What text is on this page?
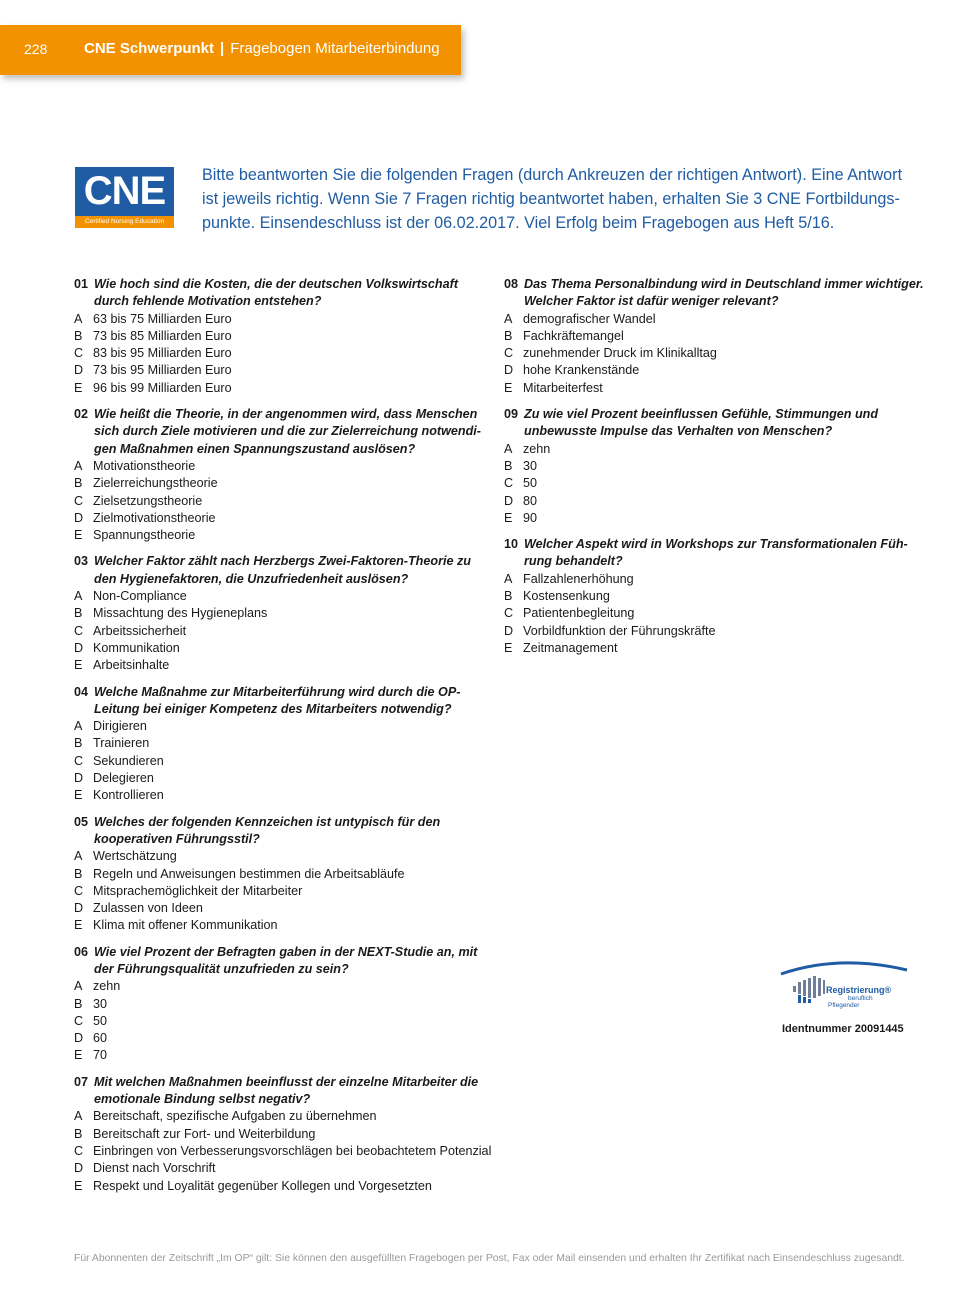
228 CNE Schwerpunkt | Fragebogen Mitarbeiterbindung
CNE
Certified Nursing Education
Bitte beantworten Sie die folgenden Fragen (durch Ankreuzen der richtigen Antwort). Eine Antwort ist jeweils richtig. Wenn Sie 7 Fragen richtig beantwortet haben, erhalten Sie 3 CNE Fortbildungspunkte. Einsendeschluss ist der 06.02.2017. Viel Erfolg beim Fragebogen aus Heft 5/16.
01 Wie hoch sind die Kosten, die der deutschen Volkswirtschaft durch fehlende Motivation entstehen?
A 63 bis 75 Milliarden Euro
B 73 bis 85 Milliarden Euro
C 83 bis 95 Milliarden Euro
D 73 bis 95 Milliarden Euro
E 96 bis 99 Milliarden Euro
02 Wie heißt die Theorie, in der angenommen wird, dass Menschen sich durch Ziele motivieren und die zur Zielerreichung notwendigen Maßnahmen einen Spannungszustand auslösen?
A Motivationstheorie
B Zielerreichungstheorie
C Zielsetzungstheorie
D Zielmotivationstheorie
E Spannungstheorie
03 Welcher Faktor zählt nach Herzbergs Zwei-Faktoren-Theorie zu den Hygienefaktoren, die Unzufriedenheit auslösen?
A Non-Compliance
B Missachtung des Hygieneplans
C Arbeitssicherheit
D Kommunikation
E Arbeitsinhalte
04 Welche Maßnahme zur Mitarbeiterführung wird durch die OP-Leitung bei einiger Kompetenz des Mitarbeiters notwendig?
A Dirigieren
B Trainieren
C Sekundieren
D Delegieren
E Kontrollieren
05 Welches der folgenden Kennzeichen ist untypisch für den kooperativen Führungsstil?
A Wertschätzung
B Regeln und Anweisungen bestimmen die Arbeitsabläufe
C Mitsprachemöglichkeit der Mitarbeiter
D Zulassen von Ideen
E Klima mit offener Kommunikation
06 Wie viel Prozent der Befragten gaben in der NEXT-Studie an, mit der Führungsqualität unzufrieden zu sein?
A zehn
B 30
C 50
D 60
E 70
07 Mit welchen Maßnahmen beeinflusst der einzelne Mitarbeiter die emotionale Bindung selbst negativ?
A Bereitschaft, spezifische Aufgaben zu übernehmen
B Bereitschaft zur Fort- und Weiterbildung
C Einbringen von Verbesserungsvorschlägen bei beobachtetem Potenzial
D Dienst nach Vorschrift
E Respekt und Loyalität gegenüber Kollegen und Vorgesetzten
08 Das Thema Personalbindung wird in Deutschland immer wichtiger. Welcher Faktor ist dafür weniger relevant?
A demografischer Wandel
B Fachkräftemangel
C zunehmender Druck im Klinikalltag
D hohe Krankenstände
E Mitarbeiterfest
09 Zu wie viel Prozent beeinflussen Gefühle, Stimmungen und unbewusste Impulse das Verhalten von Menschen?
A zehn
B 30
C 50
D 80
E 90
10 Welcher Aspekt wird in Workshops zur Transformationalen Führung behandelt?
A Fallzahlenerhöhung
B Kostensenkung
C Patientenbegleitung
D Vorbildfunktion der Führungskräfte
E Zeitmanagement
Registrierung®
beruflich
Pflegender
Identnummer 20091445
Für Abonnenten der Zeitschrift „Im OP“ gilt: Sie können den ausgefüllten Fragebogen per Post, Fax oder Mail einsenden und erhalten Ihr Zertifikat nach Einsendeschluss zugesandt.
